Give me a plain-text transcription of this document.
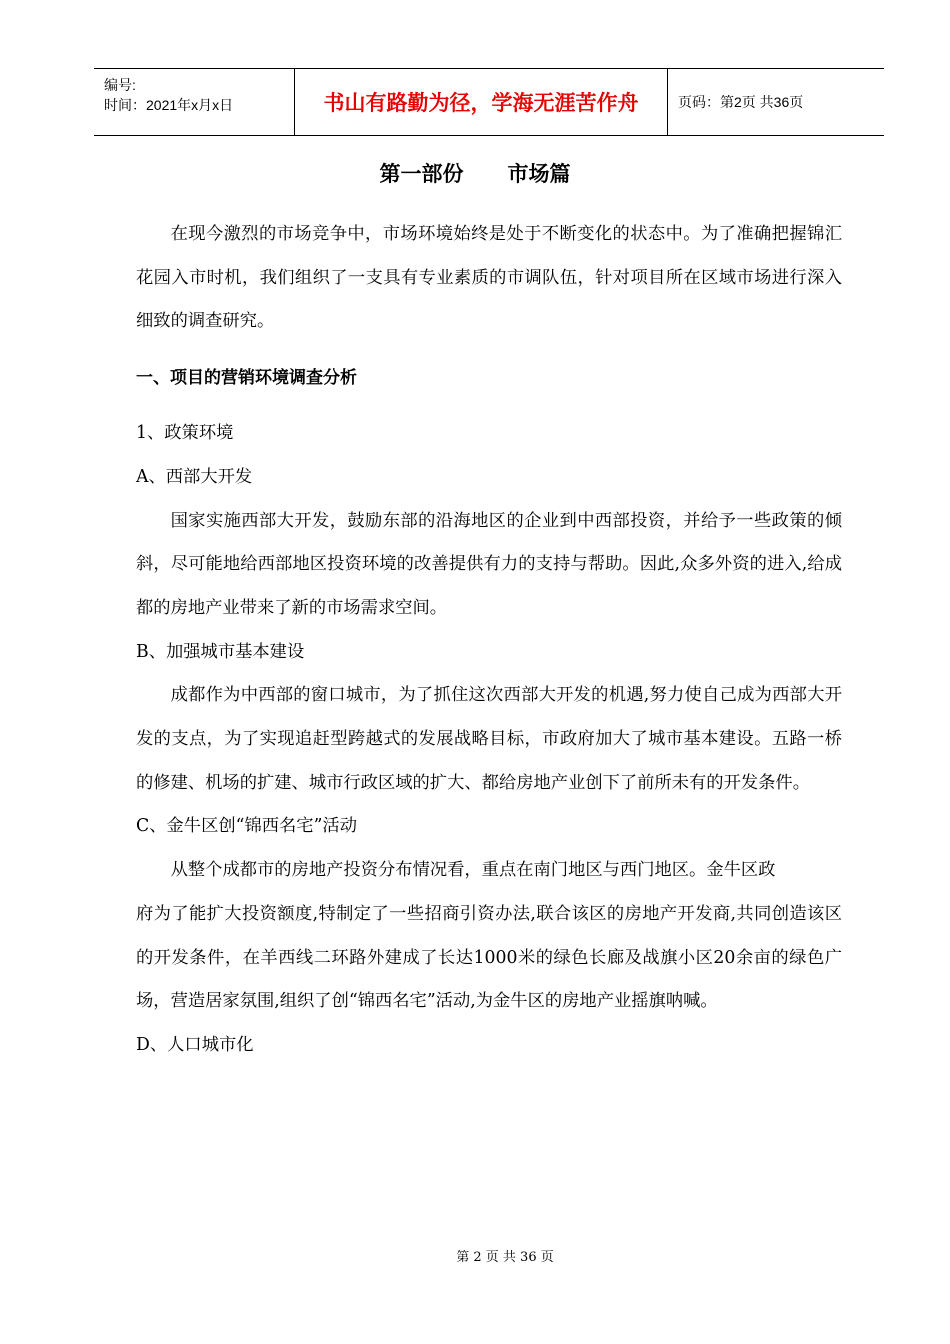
编号:
时间：2021年x月x日	书山有路勤为径，学海无涯苦作舟	页码：第2页 共36页
第一部份 市场篇

在现今激烈的市场竞争中，市场环境始终是处于不断变化的状态中。为了准确把握锦汇花园入市时机，我们组织了一支具有专业素质的市调队伍，针对项目所在区域市场进行深入细致的调查研究。

一、项目的营销环境调查分析

1、政策环境

A、西部大开发

国家实施西部大开发，鼓励东部的沿海地区的企业到中西部投资，并给予一些政策的倾斜，尽可能地给西部地区投资环境的改善提供有力的支持与帮助。因此,众多外资的进入,给成都的房地产业带来了新的市场需求空间。

B、加强城市基本建设

成都作为中西部的窗口城市，为了抓住这次西部大开发的机遇,努力使自己成为西部大开发的支点，为了实现追赶型跨越式的发展战略目标，市政府加大了城市基本建设。五路一桥的修建、机场的扩建、城市行政区域的扩大、都给房地产业创下了前所未有的开发条件。

C、金牛区创“锦西名宅”活动

从整个成都市的房地产投资分布情况看，重点在南门地区与西门地区。金牛区政

府为了能扩大投资额度,特制定了一些招商引资办法,联合该区的房地产开发商,共同创造该区的开发条件，在羊西线二环路外建成了长达1000米的绿色长廊及战旗小区20余亩的绿色广场，营造居家氛围,组织了创“锦西名宅”活动,为金牛区的房地产业摇旗呐喊。

D、人口城市化

第 2 页 共 36 页
